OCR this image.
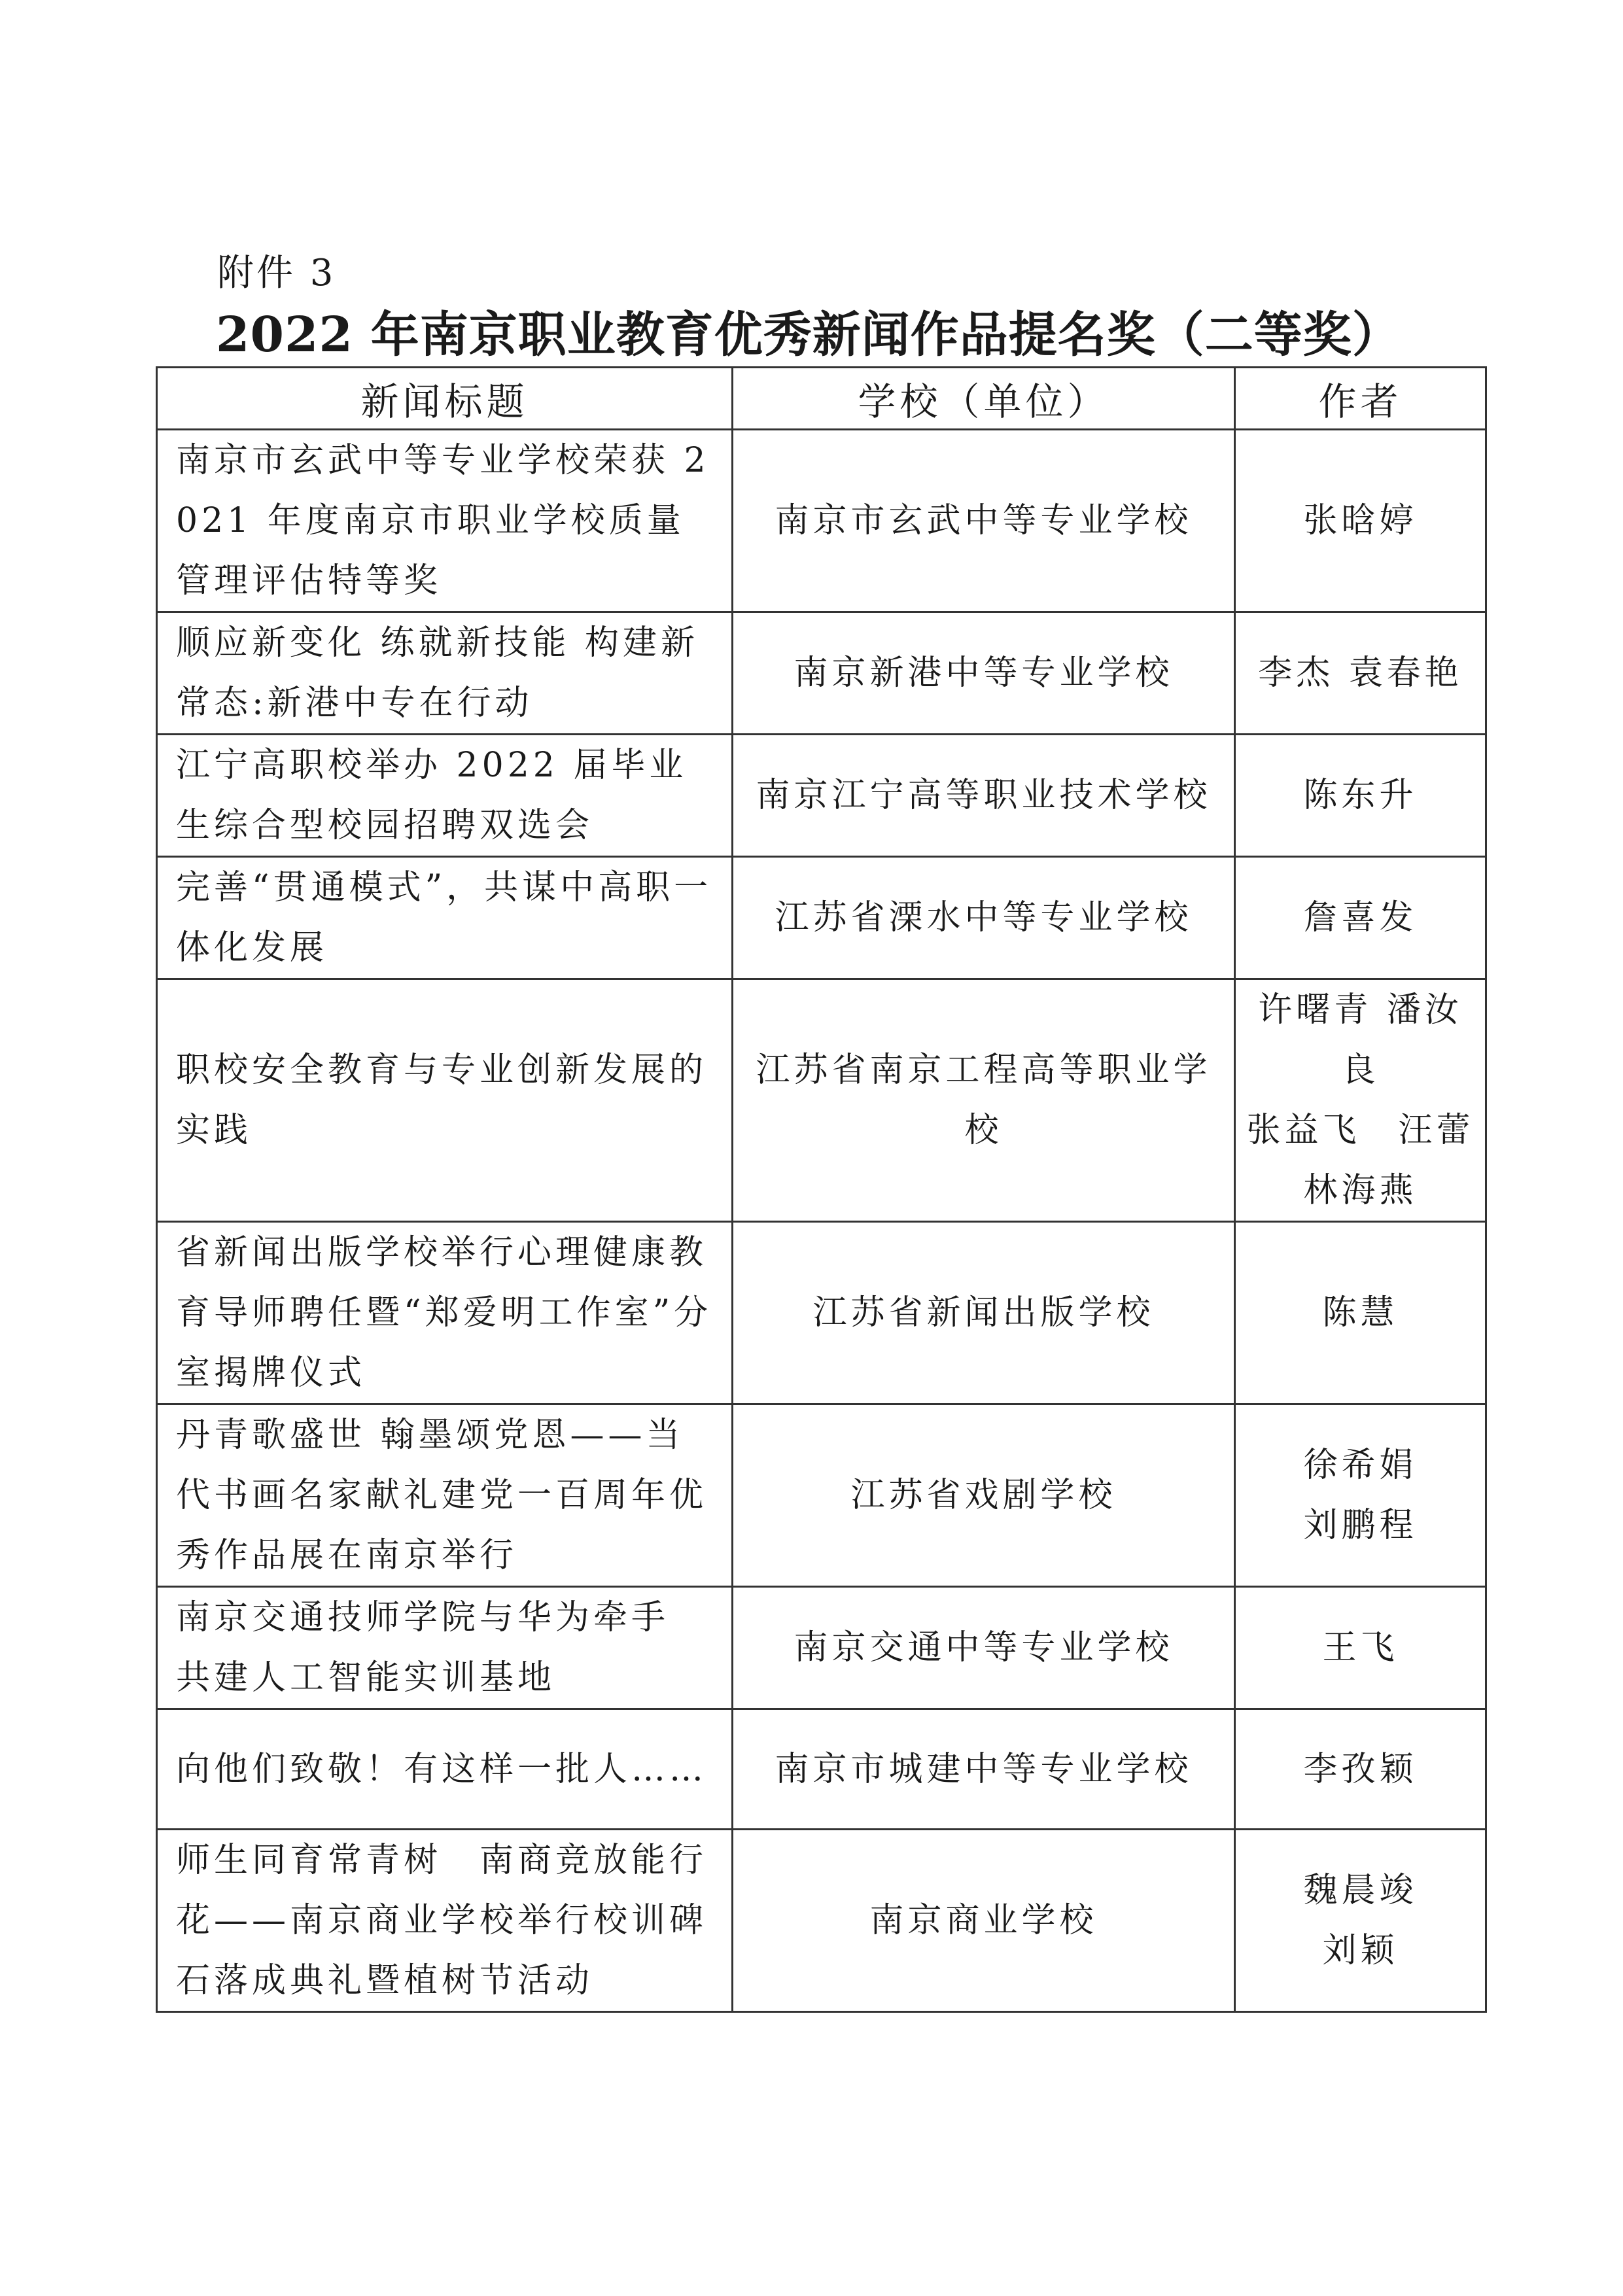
附件 3
2022 年南京职业教育优秀新闻作品提名奖（二等奖）
新闻标题	学校（单位）	作者
南京市玄武中等专业学校荣获 2021 年度南京市职业学校质量管理评估特等奖	南京市玄武中等专业学校	张晗婷

顺应新变化 练就新技能 构建新常态:新港中专在行动	南京新港中等专业学校	李杰 袁春艳

江宁高职校举办 2022 届毕业生综合型校园招聘双选会	南京江宁高等职业技术学校	陈东升

完善“贯通模式”，共谋中高职一体化发展	江苏省溧水中等专业学校	詹喜发

职校安全教育与专业创新发展的实践	江苏省南京工程高等职业学校	许曙青 潘汝良
张益飞　汪蕾
林海燕

省新闻出版学校举行心理健康教育导师聘任暨“郑爱明工作室”分室揭牌仪式	江苏省新闻出版学校	陈慧

丹青歌盛世 翰墨颂党恩——当代书画名家献礼建党一百周年优秀作品展在南京举行	江苏省戏剧学校	徐希娟
刘鹏程

南京交通技师学院与华为牵手　共建人工智能实训基地	南京交通中等专业学校	王飞

向他们致敬！有这样一批人……	南京市城建中等专业学校	李孜颖

师生同育常青树　南商竞放能行花——南京商业学校举行校训碑石落成典礼暨植树节活动	南京商业学校	魏晨竣
刘颖
